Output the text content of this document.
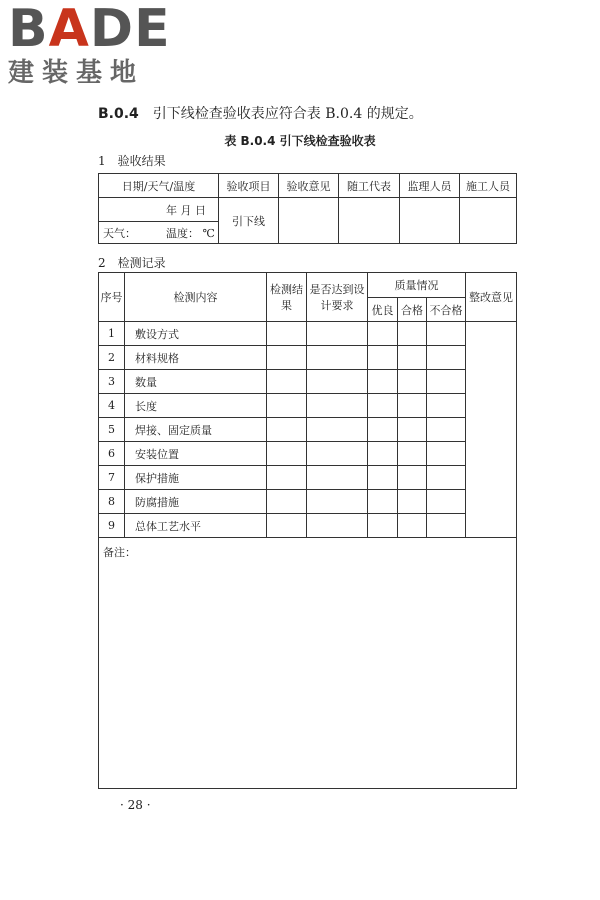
BADE
建装基地
B.0.4 引下线检查验收表应符合表 B.0.4 的规定。
表 B.0.4 引下线检查验收表
1 验收结果
日期/天气/温度	验收项目	验收意见	随工代表	监理人员	施工人员
年 月 日	引下线				
天气： 温度： ℃					
2 检测记录
序号	检测内容	检测结果	是否达到设计要求	质量情况			整改意见
				优良	合格	不合格	
1	敷设方式						
2	材料规格						
3	数量						
4	长度						
5	焊接、固定质量						
6	安装位置						
7	保护措施						
8	防腐措施						
9	总体工艺水平						
备注：							
· 28 ·
